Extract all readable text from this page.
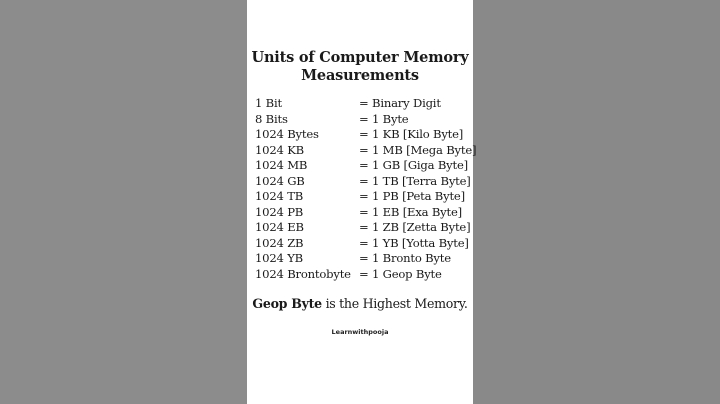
Units of Computer Memory Measurements
1 Bit	= Binary Digit
8 Bits	= 1 Byte
1024 Bytes	= 1 KB [Kilo Byte]
1024 KB	= 1 MB [Mega Byte]
1024 MB	= 1 GB [Giga Byte]
1024 GB	= 1 TB [Terra Byte]
1024 TB	= 1 PB [Peta Byte]
1024 PB	= 1 EB [Exa Byte]
1024 EB	= 1 ZB [Zetta Byte]
1024 ZB	= 1 YB [Yotta Byte]
1024 YB	= 1 Bronto Byte
1024 Brontobyte = 1 Geop Byte
Geop Byte is the Highest Memory.
Learnwithpooja
